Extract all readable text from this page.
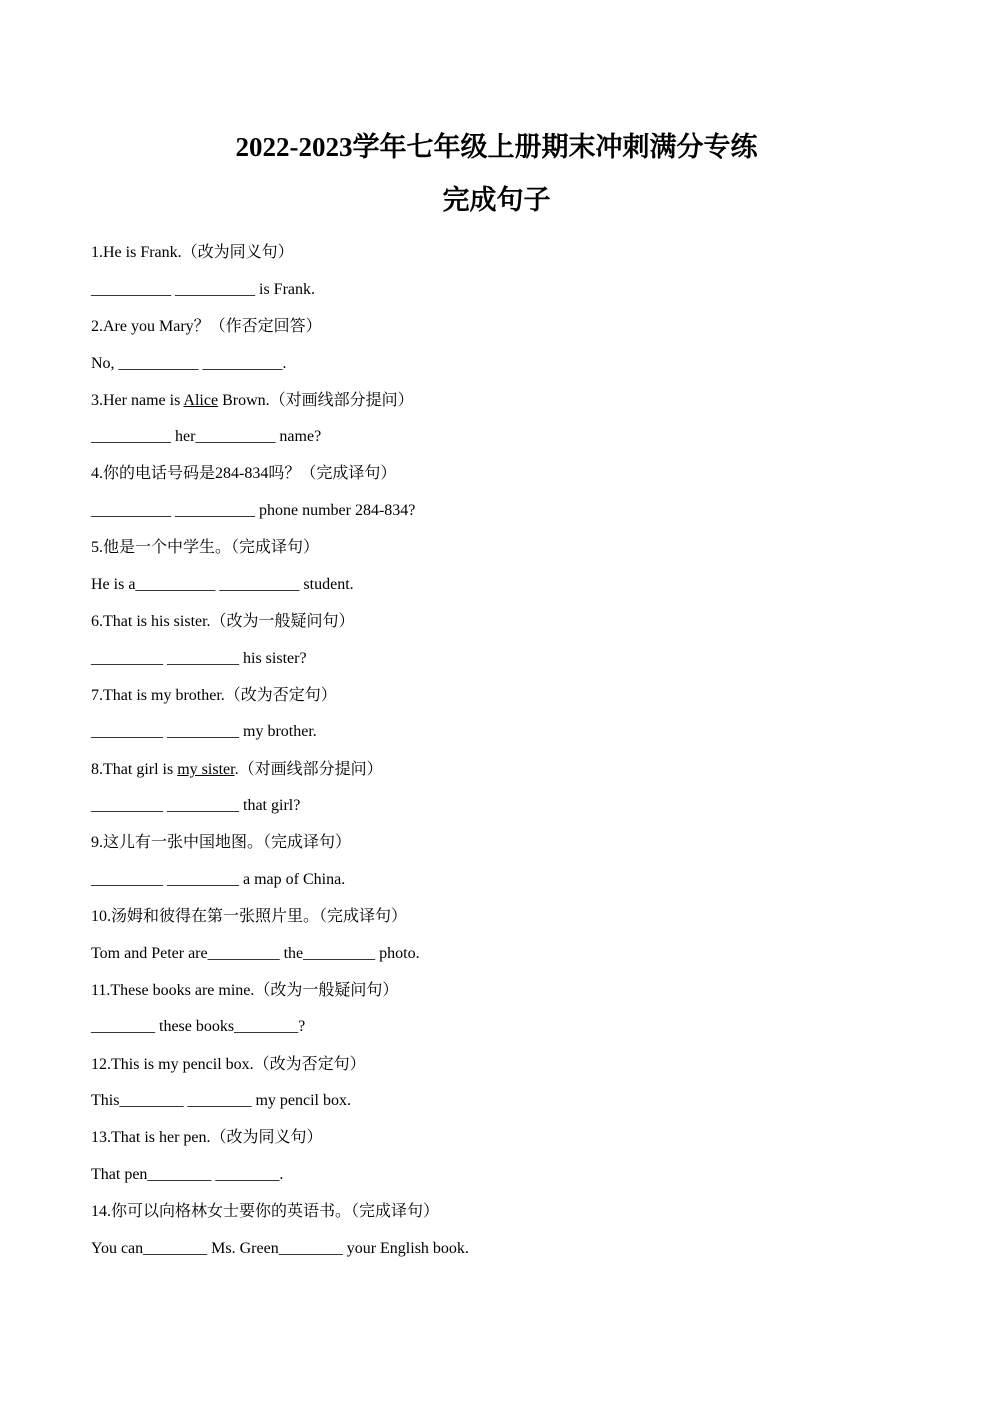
2022-2023学年七年级上册期末冲刺满分专练
完成句子
1.He is Frank.（改为同义句）
__________ __________ is Frank.
2.Are you Mary？（作否定回答）
No, __________ __________.
3.Her name is Alice Brown.（对画线部分提问）
__________ her__________ name?
4.你的电话号码是284-834吗？（完成译句）
__________ __________ phone number 284-834?
5.他是一个中学生。（完成译句）
He is a__________ __________ student.
6.That is his sister.（改为一般疑问句）
_________ _________ his sister?
7.That is my brother.（改为否定句）
_________ _________ my brother.
8.That girl is my sister.（对画线部分提问）
_________ _________ that girl?
9.这儿有一张中国地图。（完成译句）
_________ _________ a map of China.
10.汤姆和彼得在第一张照片里。（完成译句）
Tom and Peter are_________ the_________ photo.
11.These books are mine.（改为一般疑问句）
________ these books________?
12.This is my pencil box.（改为否定句）
This________ ________ my pencil box.
13.That is her pen.（改为同义句）
That pen________ ________.
14.你可以向格林女士要你的英语书。（完成译句）
You can________ Ms. Green________ your English book.
